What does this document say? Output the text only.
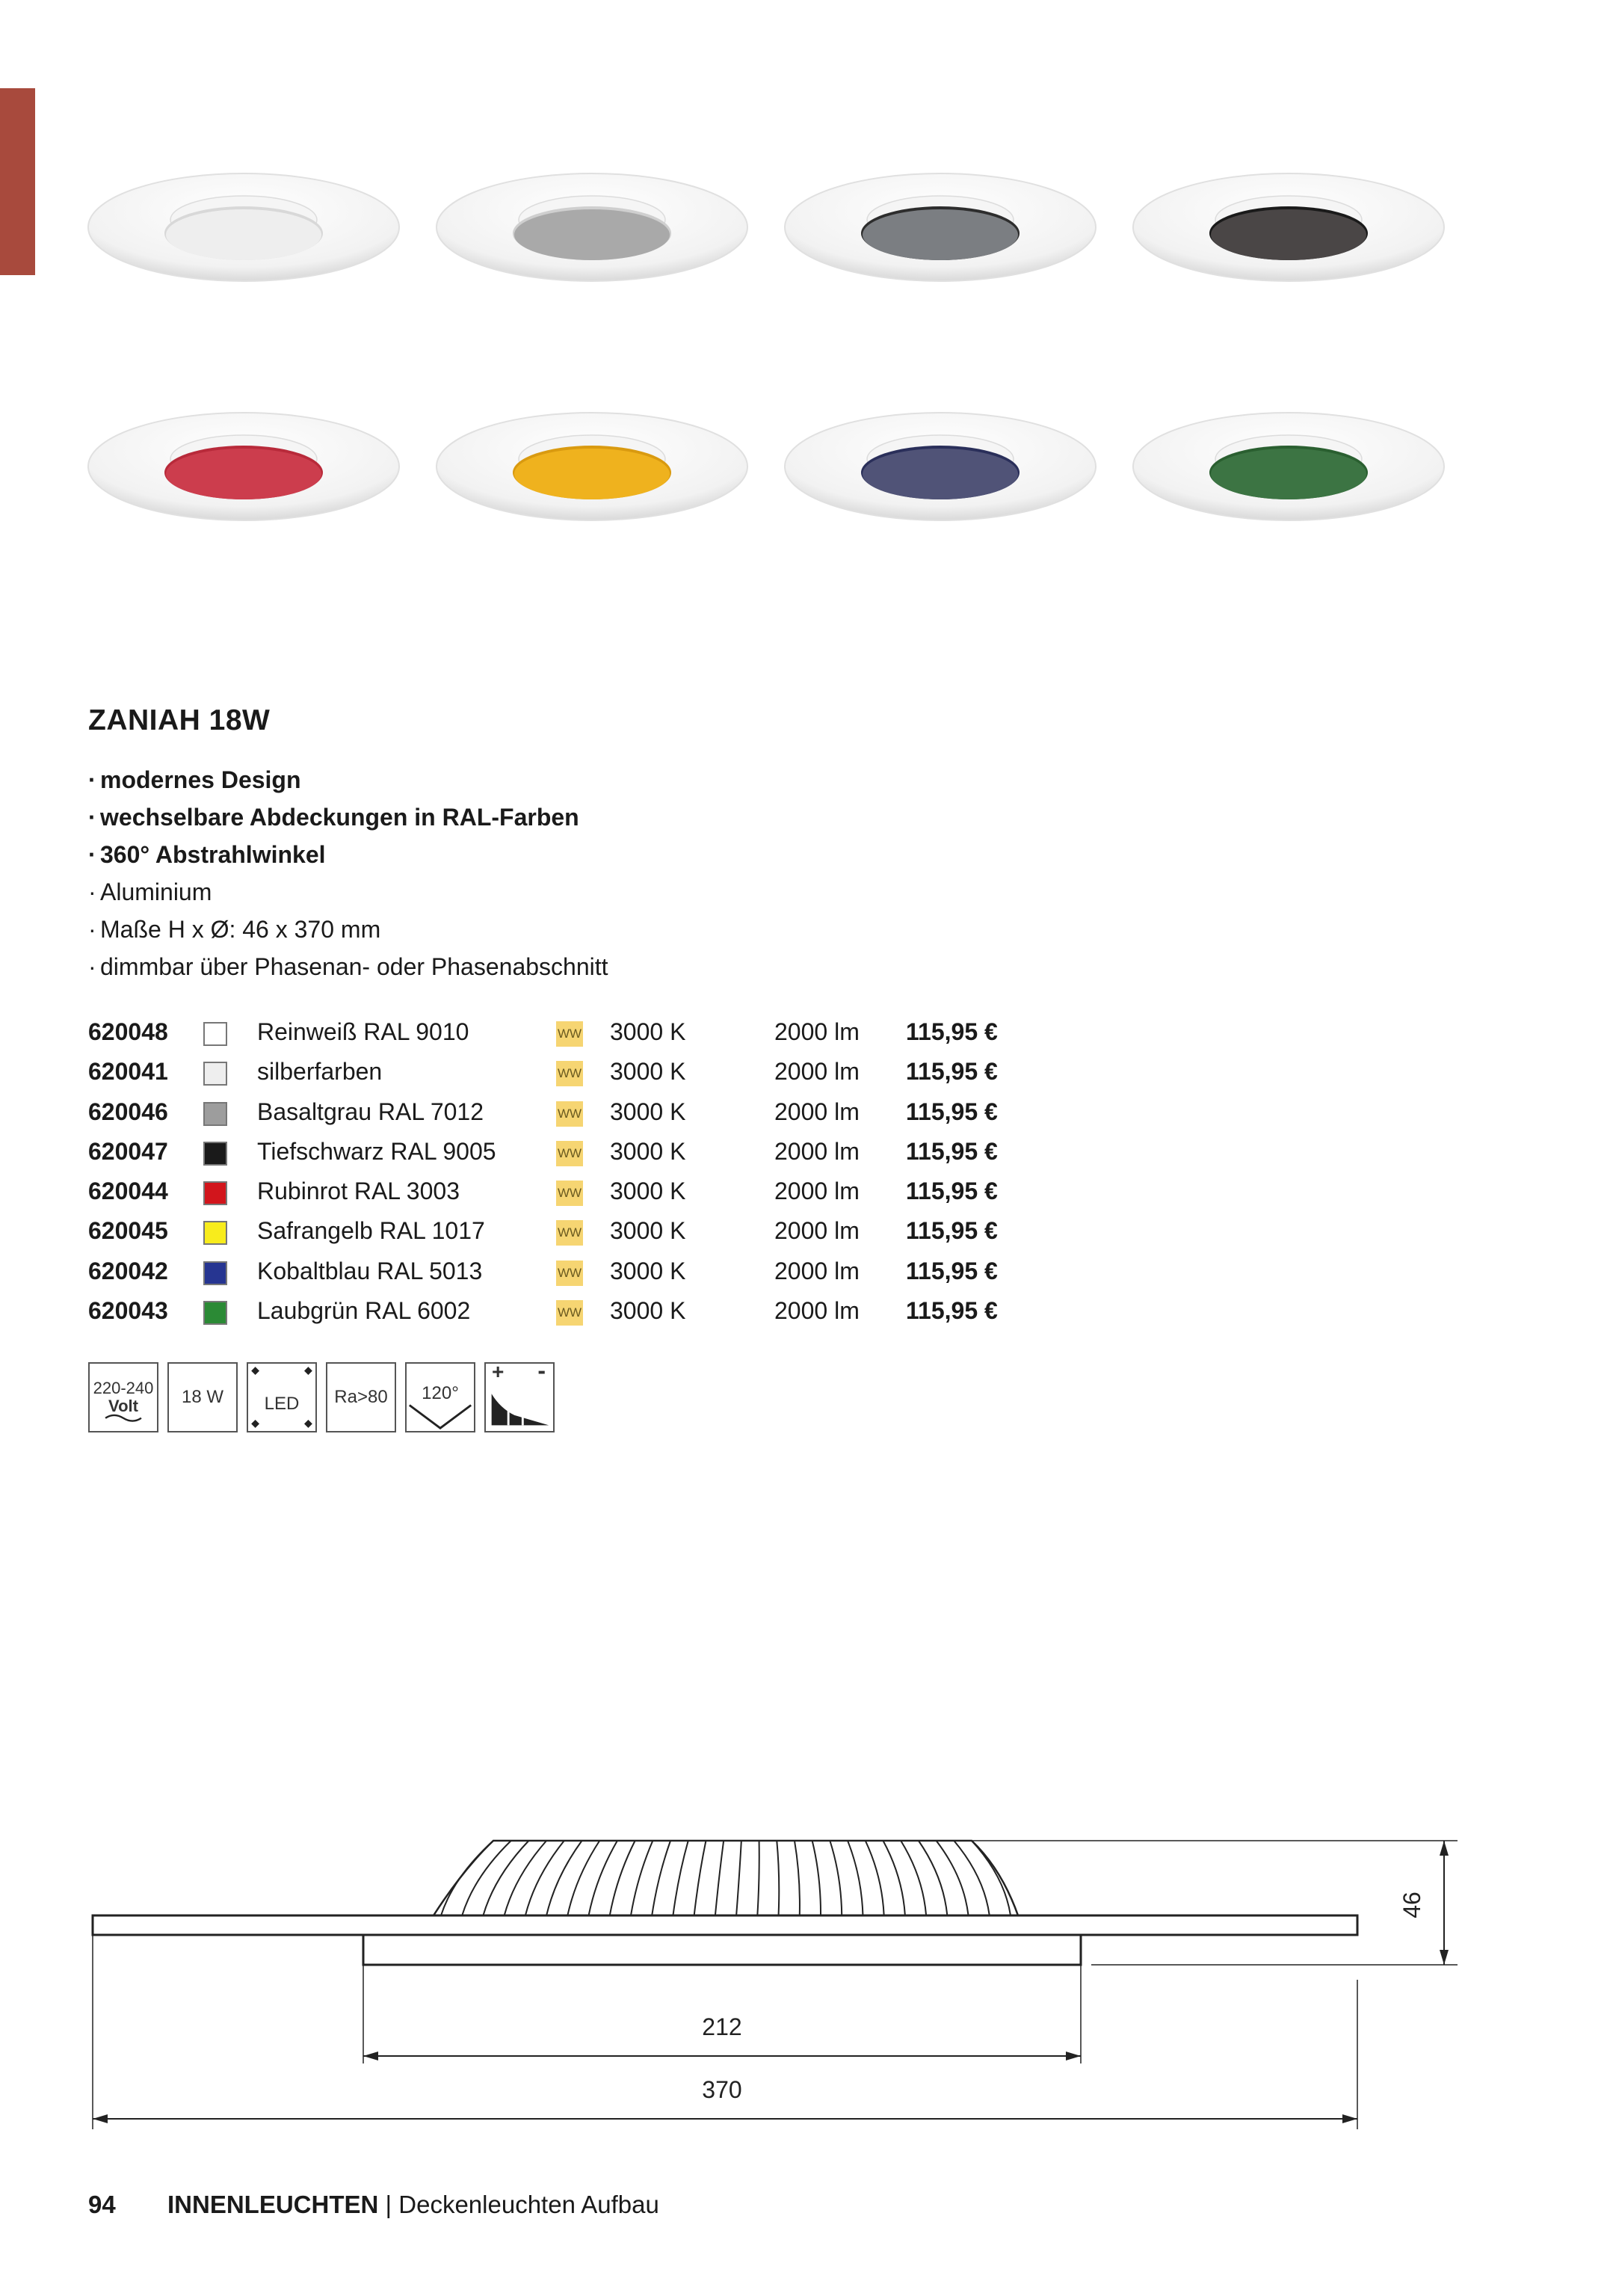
ZANIAH 18W
· modernes Design
· wechselbare Abdeckungen in RAL-Farben
· 360° Abstrahlwinkel
· Aluminium
· Maße H x Ø: 46 x 370 mm
· dimmbar über Phasenan- oder Phasenabschnitt
620048	Reinweiß RAL 9010	WW 3000 K	2000 lm 115,95 €
620041	silberfarben	WW 3000 K	2000 lm 115,95 €
620046	Basaltgrau RAL 7012	WW 3000 K	2000 lm 115,95 €
620047	Tiefschwarz RAL 9005	WW 3000 K	2000 lm 115,95 €
620044	Rubinrot RAL 3003	WW 3000 K	2000 lm 115,95 €
620045	Safrangelb RAL 1017	WW 3000 K	2000 lm 115,95 €
620042	Kobaltblau RAL 5013	WW 3000 K	2000 lm 115,95 €
620043	Laubgrün RAL 6002	WW 3000 K	2000 lm 115,95 €
220-240
Volt 18 W LED Ra>80 120°
+ -
212
370
46
94 INNENLEUCHTEN | Deckenleuchten Aufbau
